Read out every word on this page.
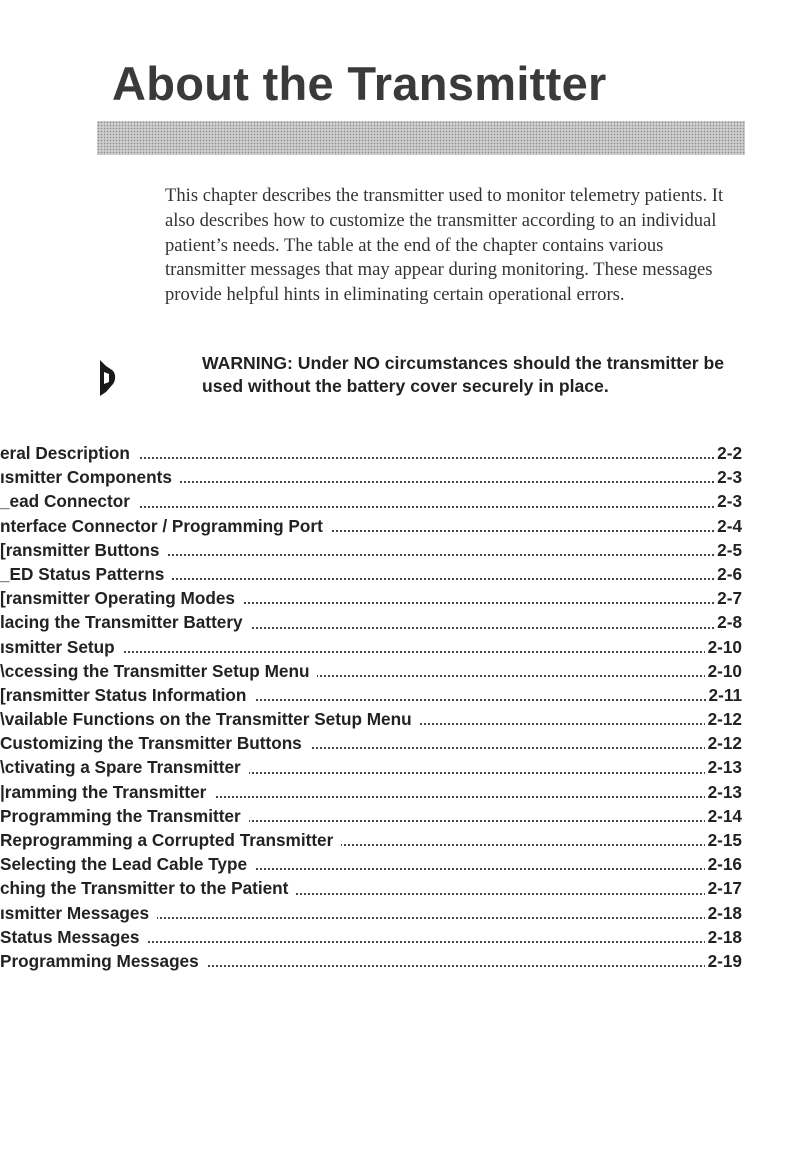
About the Transmitter

This chapter describes the transmitter used to monitor telemetry patients. It also describes how to customize the transmitter according to an individual patient’s needs. The table at the end of the chapter contains various transmitter messages that may appear during monitoring. These messages provide helpful hints in eliminating certain operational errors.

WARNING: Under NO circumstances should the transmitter be used without the battery cover securely in place.

eral Description	2-2
ısmitter Components	2-3
_ead Connector	2-3
nterface Connector / Programming Port	2-4
[ransmitter Buttons	2-5
_ED Status Patterns	2-6
[ransmitter Operating Modes	2-7
lacing the Transmitter Battery	2-8
ısmitter Setup	2-10
\ccessing the Transmitter Setup Menu	2-10
[ransmitter Status Information	2-11
\vailable Functions on the Transmitter Setup Menu	2-12
Customizing the Transmitter Buttons	2-12
\ctivating a Spare Transmitter	2-13
|ramming the Transmitter	2-13
Programming the Transmitter	2-14
Reprogramming a Corrupted Transmitter	2-15
Selecting the Lead Cable Type	2-16
ching the Transmitter to the Patient	2-17
ısmitter Messages	2-18
Status Messages	2-18
Programming Messages	2-19
